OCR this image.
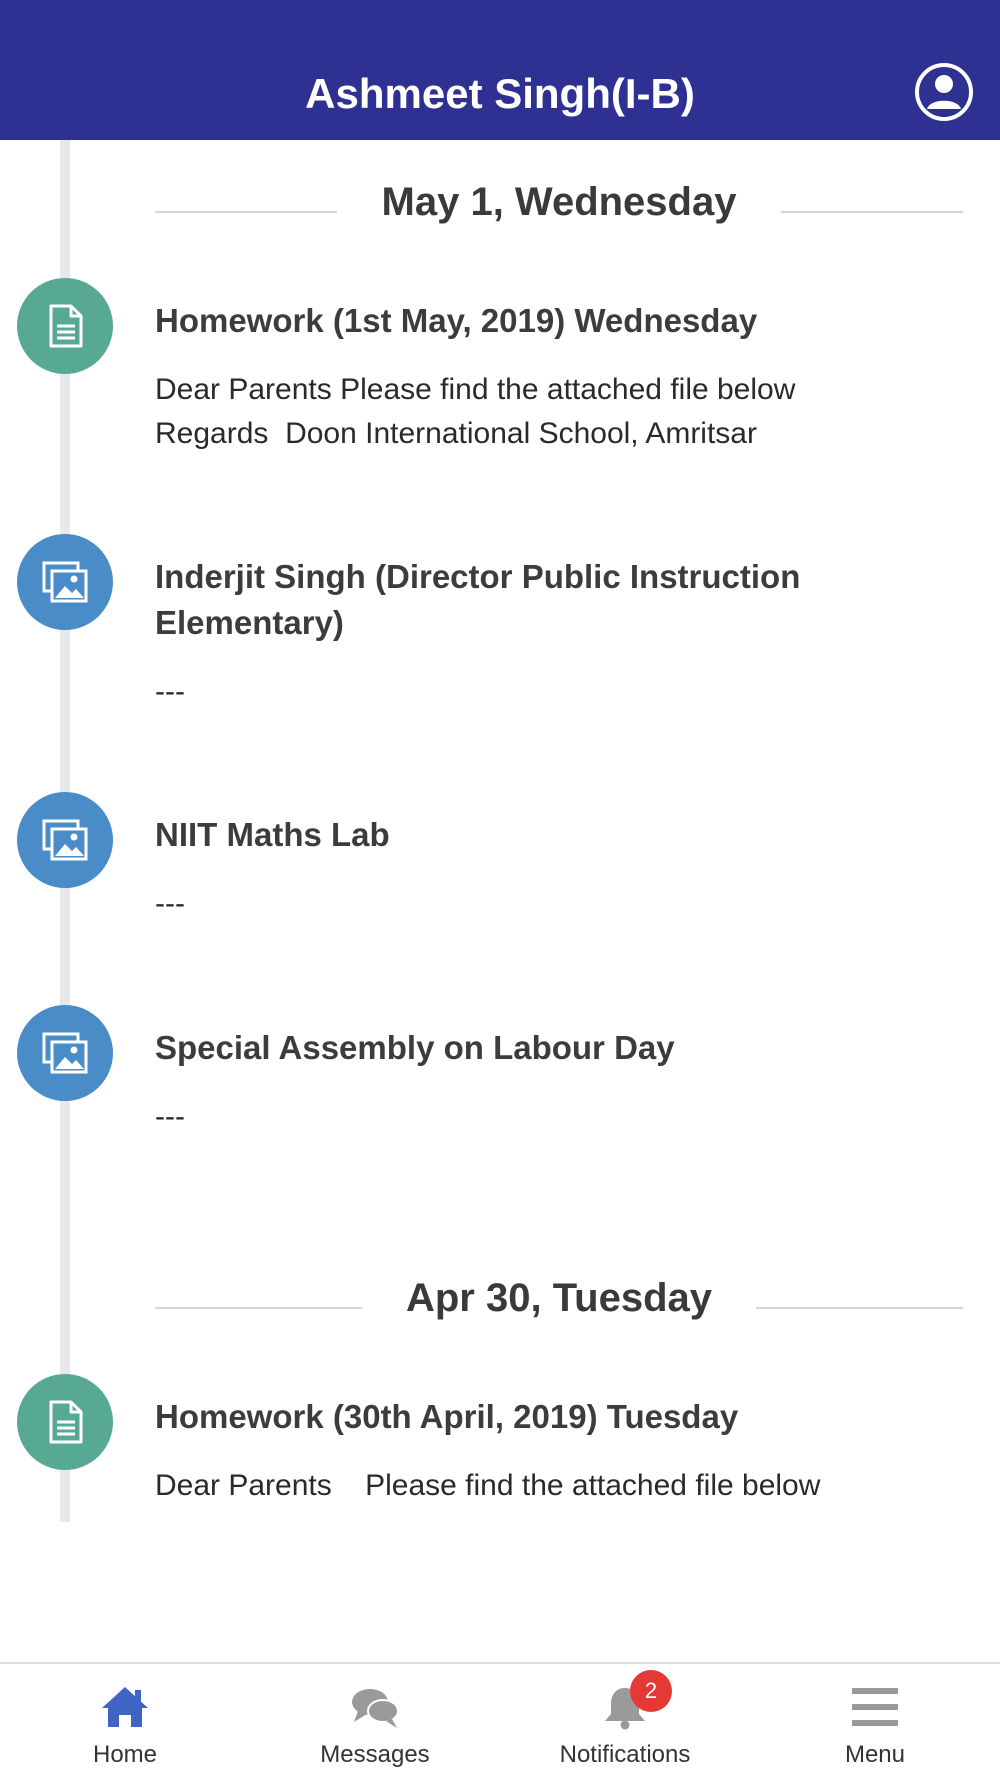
Ashmeet Singh(I-B)
May 1, Wednesday
Homework (1st May, 2019) Wednesday
Dear Parents Please find the attached file below
Regards  Doon International School, Amritsar
Inderjit Singh (Director Public Instruction Elementary)
---
NIIT Maths Lab
---
Special Assembly on Labour Day
---
Apr 30, Tuesday
Homework (30th April, 2019) Tuesday
Dear Parents    Please find the attached file below
Home	Messages
2
Notifications	Menu
